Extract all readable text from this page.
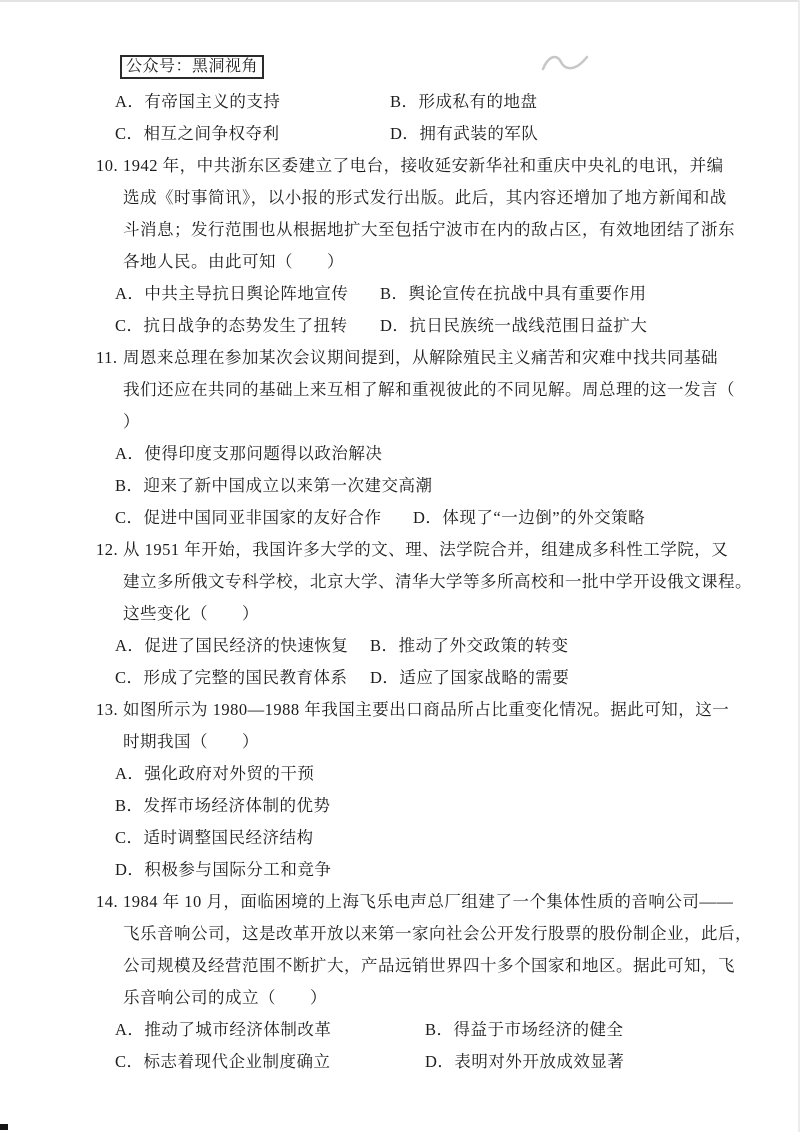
公众号：黑洞视角
A．有帝国主义的支持	B．形成私有的地盘
C．相互之间争权夺利	D．拥有武装的军队
10. 1942 年，中共浙东区委建立了电台，接收延安新华社和重庆中央礼的电讯，并编
选成《时事简讯》，以小报的形式发行出版。此后，其内容还增加了地方新闻和战
斗消息；发行范围也从根据地扩大至包括宁波市在内的敌占区，有效地团结了浙东
各地人民。由此可知（　　）
A．中共主导抗日舆论阵地宣传 B．舆论宣传在抗战中具有重要作用
C．抗日战争的态势发生了扭转 D．抗日民族统一战线范围日益扩大
11. 周恩来总理在参加某次会议期间提到，从解除殖民主义痛苦和灾难中找共同基础
我们还应在共同的基础上来互相了解和重视彼此的不同见解。周总理的这一发言（
）
A．使得印度支那问题得以政治解决
B．迎来了新中国成立以来第一次建交高潮
C．促进中国同亚非国家的友好合作 D．体现了“一边倒”的外交策略
12. 从 1951 年开始，我国许多大学的文、理、法学院合并，组建成多科性工学院，又
建立多所俄文专科学校，北京大学、清华大学等多所高校和一批中学开设俄文课程。
这些变化（　　）
A．促进了国民经济的快速恢复 B．推动了外交政策的转变
C．形成了完整的国民教育体系 D．适应了国家战略的需要
13. 如图所示为 1980—1988 年我国主要出口商品所占比重变化情况。据此可知，这一
时期我国（　　）
A．强化政府对外贸的干预
B．发挥市场经济体制的优势
C．适时调整国民经济结构
D．积极参与国际分工和竞争
14. 1984 年 10 月，面临困境的上海飞乐电声总厂组建了一个集体性质的音响公司——
飞乐音响公司，这是改革开放以来第一家向社会公开发行股票的股份制企业，此后，
公司规模及经营范围不断扩大，产品远销世界四十多个国家和地区。据此可知，飞
乐音响公司的成立（　　）
A．推动了城市经济体制改革	B．得益于市场经济的健全
C．标志着现代企业制度确立	D．表明对外开放成效显著
